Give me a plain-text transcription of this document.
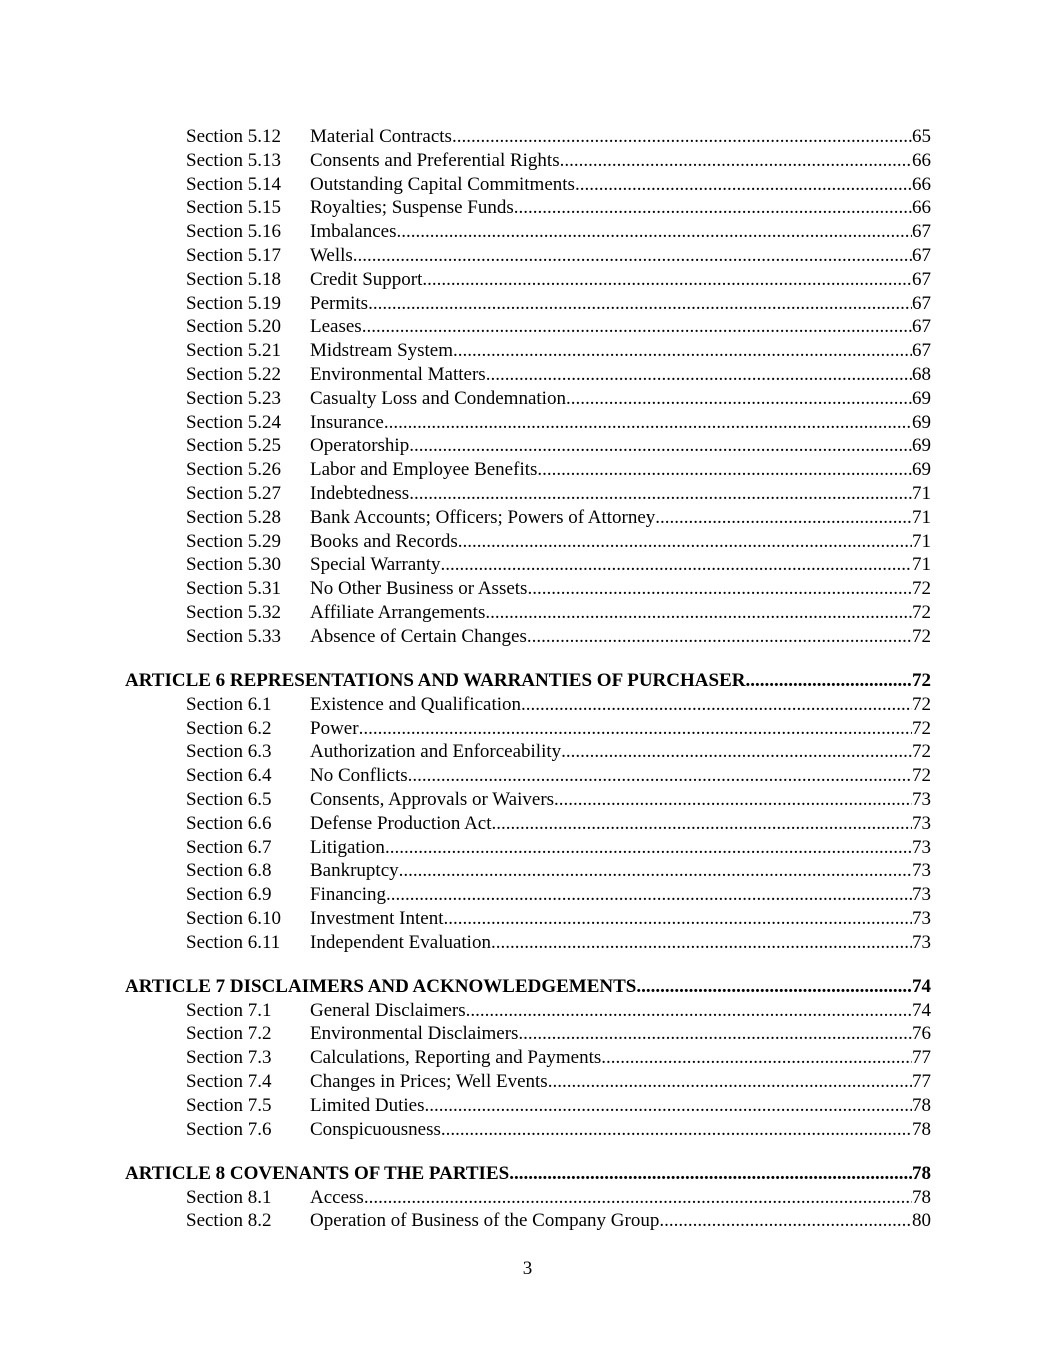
Section 5.12	Material Contracts .....	65
Section 5.13	Consents and Preferential Rights .....	66
Section 5.14	Outstanding Capital Commitments .....	66
Section 5.15	Royalties; Suspense Funds .....	66
Section 5.16	Imbalances .....	67
Section 5.17	Wells .....	67
Section 5.18	Credit Support .....	67
Section 5.19	Permits .....	67
Section 5.20	Leases .....	67
Section 5.21	Midstream System .....	67
Section 5.22	Environmental Matters .....	68
Section 5.23	Casualty Loss and Condemnation .....	69
Section 5.24	Insurance .....	69
Section 5.25	Operatorship .....	69
Section 5.26	Labor and Employee Benefits .....	69
Section 5.27	Indebtedness .....	71
Section 5.28	Bank Accounts; Officers; Powers of Attorney .....	71
Section 5.29	Books and Records .....	71
Section 5.30	Special Warranty .....	71
Section 5.31	No Other Business or Assets .....	72
Section 5.32	Affiliate Arrangements .....	72
Section 5.33	Absence of Certain Changes .....	72
ARTICLE 6 REPRESENTATIONS AND WARRANTIES OF PURCHASER .....	72
Section 6.1	Existence and Qualification .....	72
Section 6.2	Power .....	72
Section 6.3	Authorization and Enforceability .....	72
Section 6.4	No Conflicts .....	72
Section 6.5	Consents, Approvals or Waivers .....	73
Section 6.6	Defense Production Act .....	73
Section 6.7	Litigation .....	73
Section 6.8	Bankruptcy .....	73
Section 6.9	Financing .....	73
Section 6.10	Investment Intent .....	73
Section 6.11	Independent Evaluation .....	73
ARTICLE 7 DISCLAIMERS AND ACKNOWLEDGEMENTS .....	74
Section 7.1	General Disclaimers .....	74
Section 7.2	Environmental Disclaimers .....	76
Section 7.3	Calculations, Reporting and Payments .....	77
Section 7.4	Changes in Prices; Well Events .....	77
Section 7.5	Limited Duties .....	78
Section 7.6	Conspicuousness .....	78
ARTICLE 8 COVENANTS OF THE PARTIES .....	78
Section 8.1	Access .....	78
Section 8.2	Operation of Business of the Company Group .....	80
3
